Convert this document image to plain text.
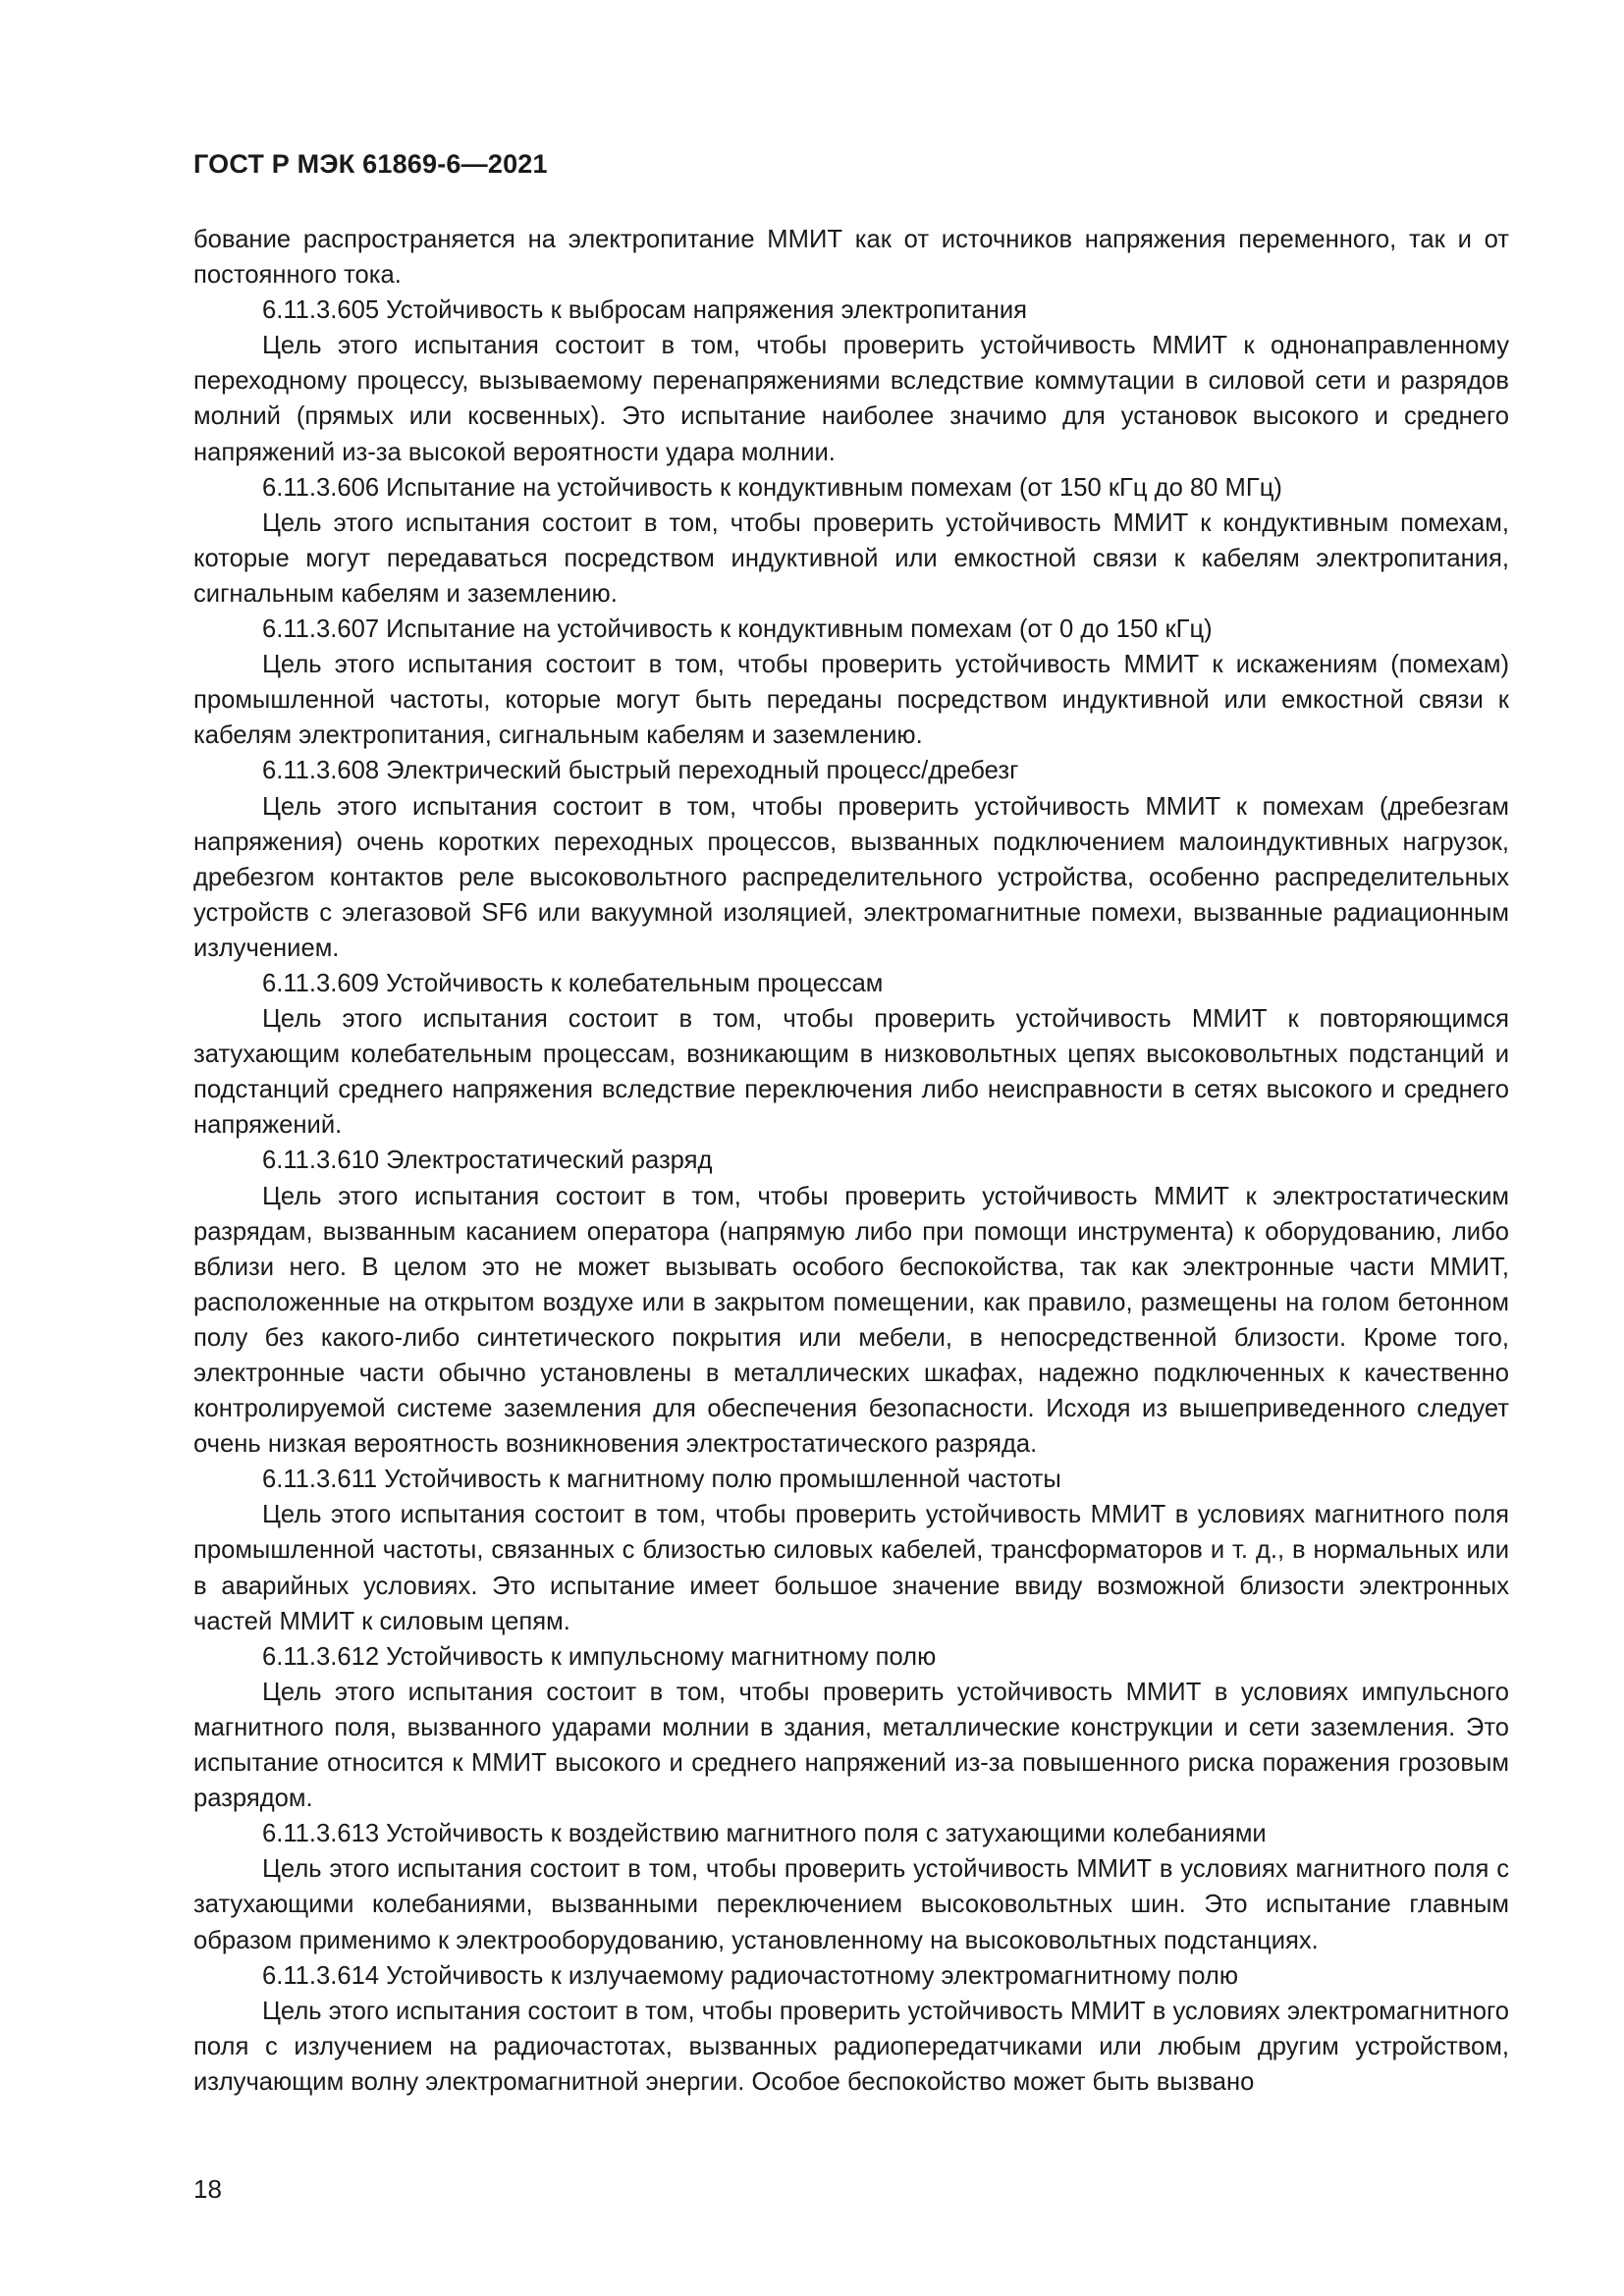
ГОСТ Р МЭК 61869-6—2021

бование распространяется на электропитание ММИТ как от источников напряжения переменного, так и от постоянного тока.

6.11.3.605 Устойчивость к выбросам напряжения электропитания

Цель этого испытания состоит в том, чтобы проверить устойчивость ММИТ к однонаправленному переходному процессу, вызываемому перенапряжениями вследствие коммутации в силовой сети и разрядов молний (прямых или косвенных). Это испытание наиболее значимо для установок высокого и среднего напряжений из-за высокой вероятности удара молнии.

6.11.3.606 Испытание на устойчивость к кондуктивным помехам (от 150 кГц до 80 МГц)

Цель этого испытания состоит в том, чтобы проверить устойчивость ММИТ к кондуктивным помехам, которые могут передаваться посредством индуктивной или емкостной связи к кабелям электропитания, сигнальным кабелям и заземлению.

6.11.3.607 Испытание на устойчивость к кондуктивным помехам (от 0 до 150 кГц)

Цель этого испытания состоит в том, чтобы проверить устойчивость ММИТ к искажениям (помехам) промышленной частоты, которые могут быть переданы посредством индуктивной или емкостной связи к кабелям электропитания, сигнальным кабелям и заземлению.

6.11.3.608 Электрический быстрый переходный процесс/дребезг

Цель этого испытания состоит в том, чтобы проверить устойчивость ММИТ к помехам (дребезгам напряжения) очень коротких переходных процессов, вызванных подключением малоиндуктивных нагрузок, дребезгом контактов реле высоковольтного распределительного устройства, особенно распределительных устройств с элегазовой SF6 или вакуумной изоляцией, электромагнитные помехи, вызванные радиационным излучением.

6.11.3.609 Устойчивость к колебательным процессам

Цель этого испытания состоит в том, чтобы проверить устойчивость ММИТ к повторяющимся затухающим колебательным процессам, возникающим в низковольтных цепях высоковольтных подстанций и подстанций среднего напряжения вследствие переключения либо неисправности в сетях высокого и среднего напряжений.

6.11.3.610 Электростатический разряд

Цель этого испытания состоит в том, чтобы проверить устойчивость ММИТ к электростатическим разрядам, вызванным касанием оператора (напрямую либо при помощи инструмента) к оборудованию, либо вблизи него. В целом это не может вызывать особого беспокойства, так как электронные части ММИТ, расположенные на открытом воздухе или в закрытом помещении, как правило, размещены на голом бетонном полу без какого-либо синтетического покрытия или мебели, в непосредственной близости. Кроме того, электронные части обычно установлены в металлических шкафах, надежно подключенных к качественно контролируемой системе заземления для обеспечения безопасности. Исходя из вышеприведенного следует очень низкая вероятность возникновения электростатического разряда.

6.11.3.611 Устойчивость к магнитному полю промышленной частоты

Цель этого испытания состоит в том, чтобы проверить устойчивость ММИТ в условиях магнитного поля промышленной частоты, связанных с близостью силовых кабелей, трансформаторов и т. д., в нормальных или в аварийных условиях. Это испытание имеет большое значение ввиду возможной близости электронных частей ММИТ к силовым цепям.

6.11.3.612 Устойчивость к импульсному магнитному полю

Цель этого испытания состоит в том, чтобы проверить устойчивость ММИТ в условиях импульсного магнитного поля, вызванного ударами молнии в здания, металлические конструкции и сети заземления. Это испытание относится к ММИТ высокого и среднего напряжений из-за повышенного риска поражения грозовым разрядом.

6.11.3.613 Устойчивость к воздействию магнитного поля с затухающими колебаниями

Цель этого испытания состоит в том, чтобы проверить устойчивость ММИТ в условиях магнитного поля с затухающими колебаниями, вызванными переключением высоковольтных шин. Это испытание главным образом применимо к электрооборудованию, установленному на высоковольтных подстанциях.

6.11.3.614 Устойчивость к излучаемому радиочастотному электромагнитному полю

Цель этого испытания состоит в том, чтобы проверить устойчивость ММИТ в условиях электромагнитного поля с излучением на радиочастотах, вызванных радиопередатчиками или любым другим устройством, излучающим волну электромагнитной энергии. Особое беспокойство может быть вызвано

18
